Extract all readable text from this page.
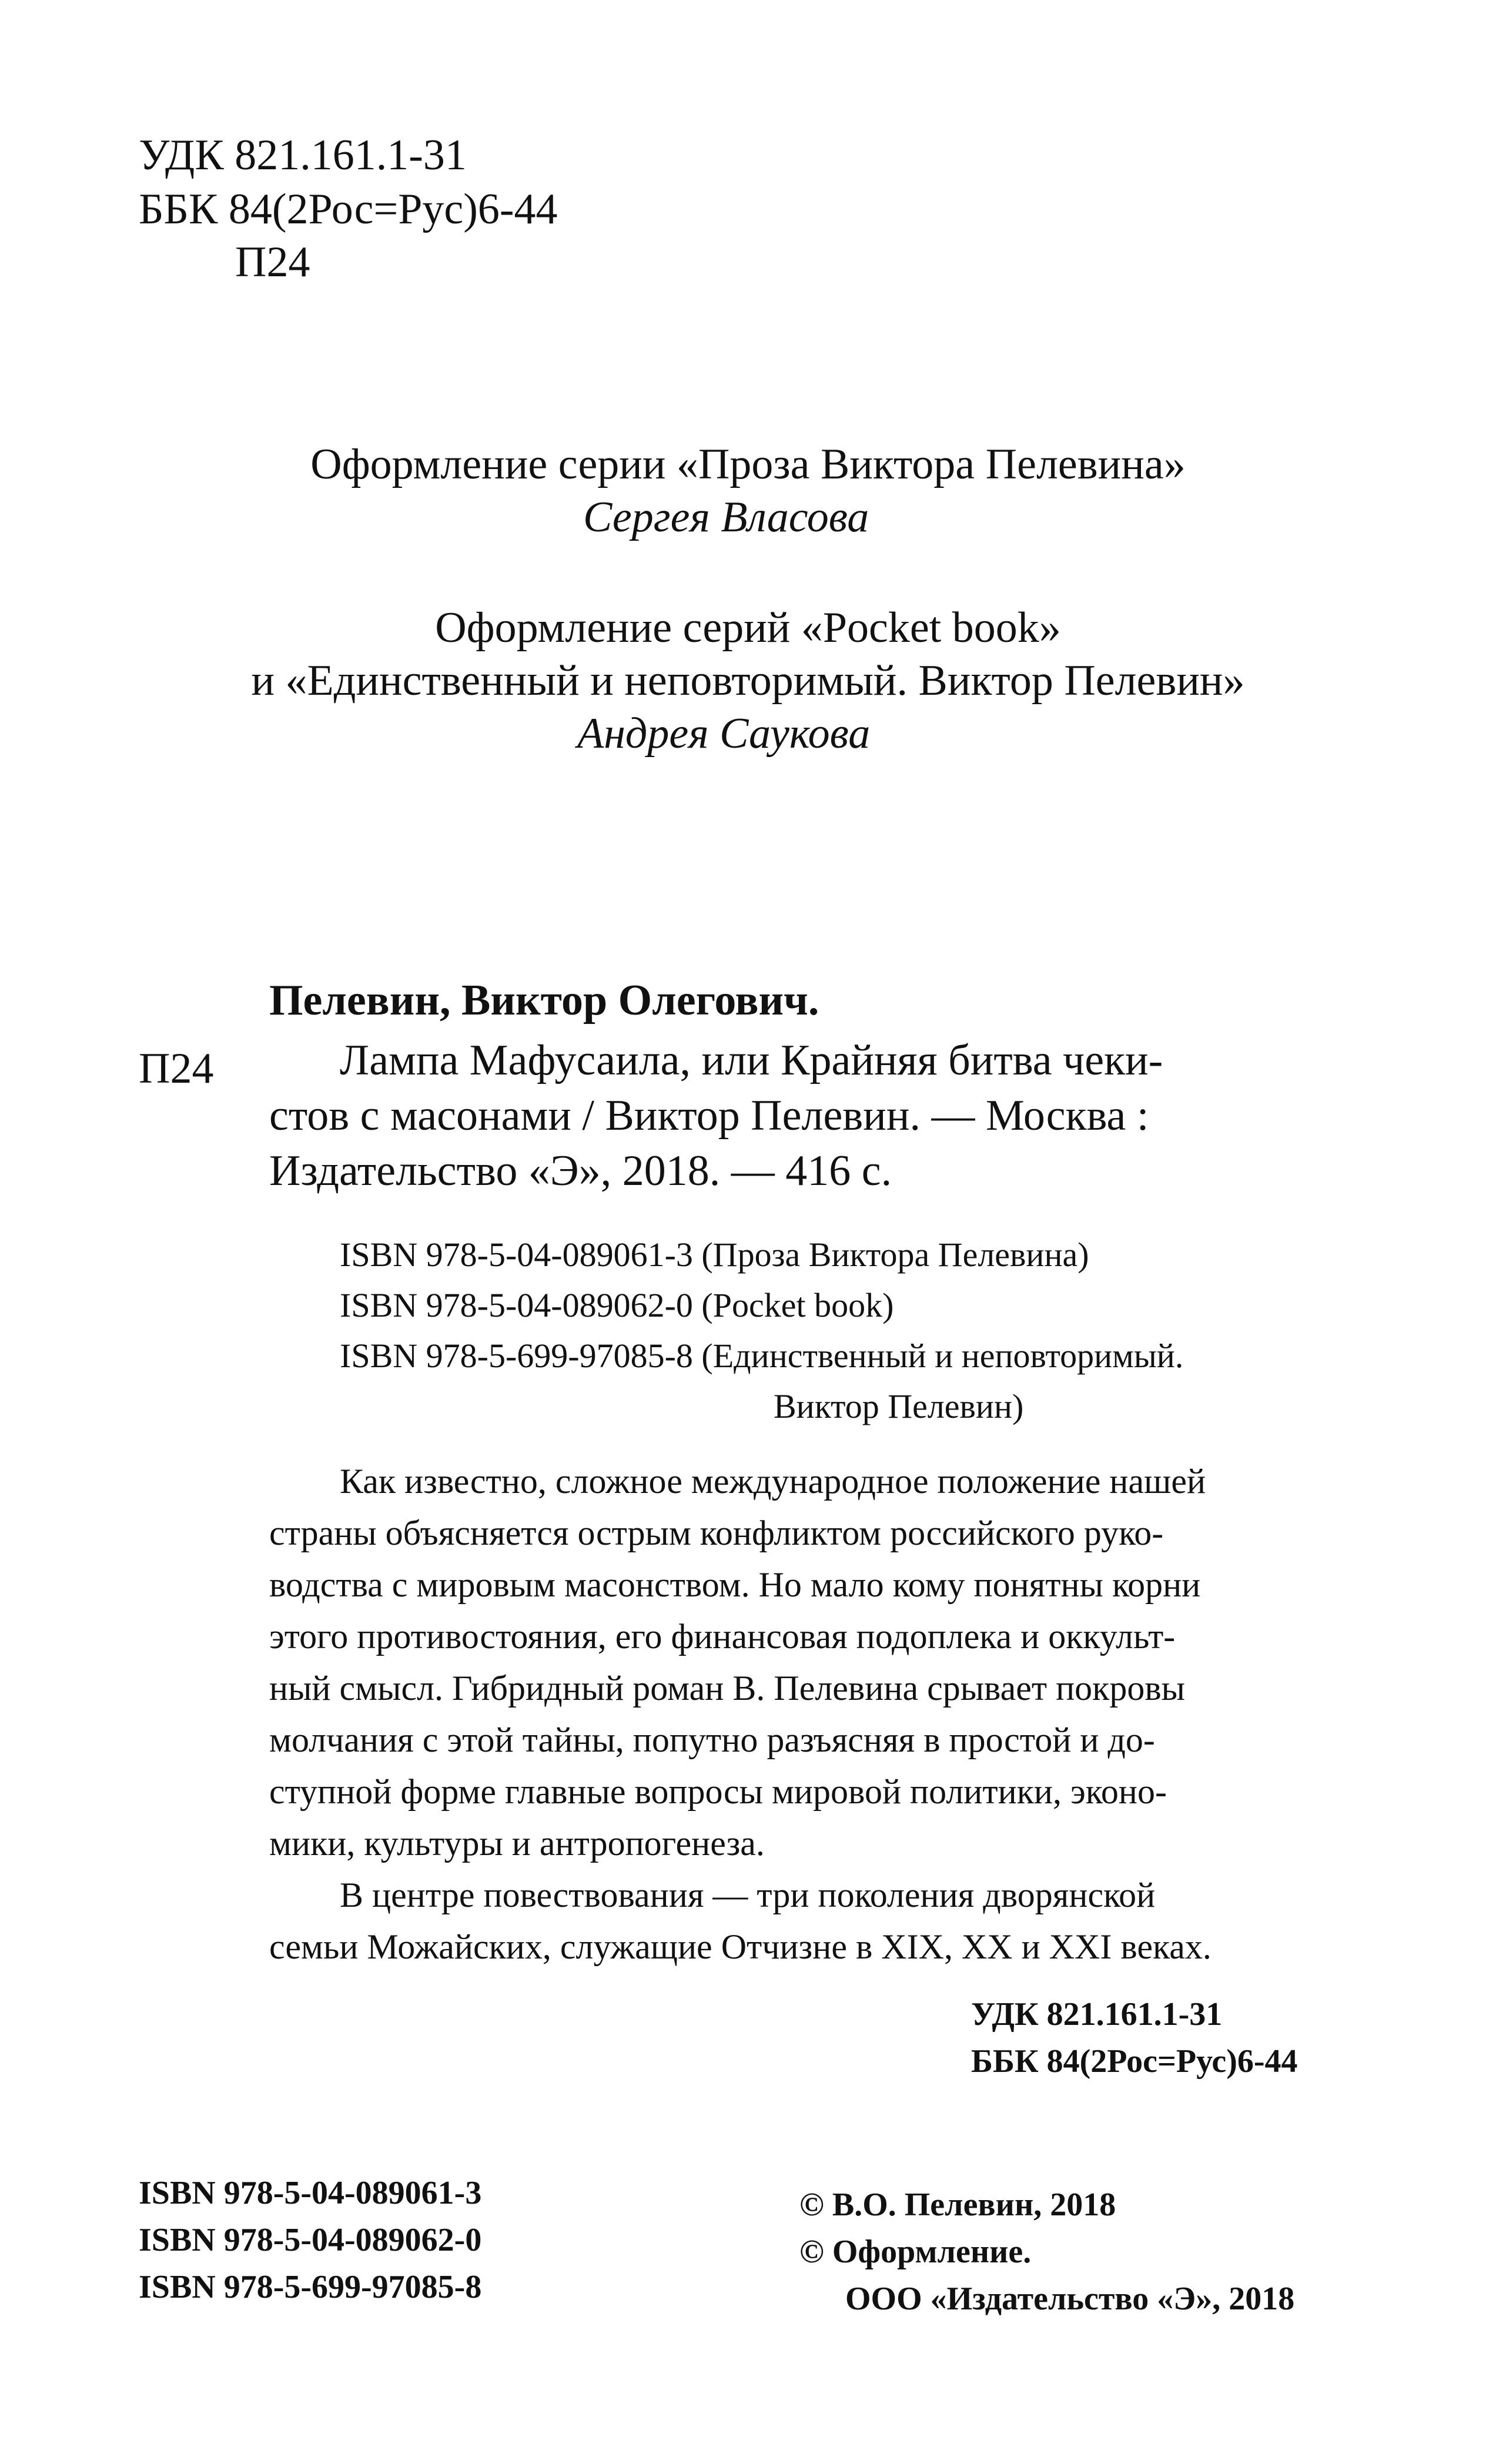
УДК 821.161.1-31
ББК 84(2Рос=Рус)6-44
П24
Оформление серии «Проза Виктора Пелевина»
Сергея Власова
Оформление серий «Pocket book»
и «Единственный и неповторимый. Виктор Пелевин»
Андрея Саукова
Пелевин, Виктор Олегович.
П24	Лампа Мафусаила, или Крайняя битва чеки-
стов с масонами / Виктор Пелевин. — Москва :
Издательство «Э», 2018. — 416 с.
ISBN 978-5-04-089061-3 (Проза Виктора Пелевина)
ISBN 978-5-04-089062-0 (Pocket book)
ISBN 978-5-699-97085-8 (Единственный и неповторимый.
Виктор Пелевин)
Как известно, сложное международное положение нашей
страны объясняется острым конфликтом российского руко-
водства с мировым масонством. Но мало кому понятны корни
этого противостояния, его финансовая подоплека и оккульт-
ный смысл. Гибридный роман В. Пелевина срывает покровы
молчания с этой тайны, попутно разъясняя в простой и до-
ступной форме главные вопросы мировой политики, эконо-
мики, культуры и антропогенеза.
В центре повествования — три поколения дворянской
семьи Можайских, служащие Отчизне в XIX, XX и XXI веках.
УДК 821.161.1-31
ББК 84(2Рос=Рус)6-44
ISBN 978-5-04-089061-3
ISBN 978-5-04-089062-0
ISBN 978-5-699-97085-8
© В.О. Пелевин, 2018
© Оформление.
ООО «Издательство «Э», 2018
